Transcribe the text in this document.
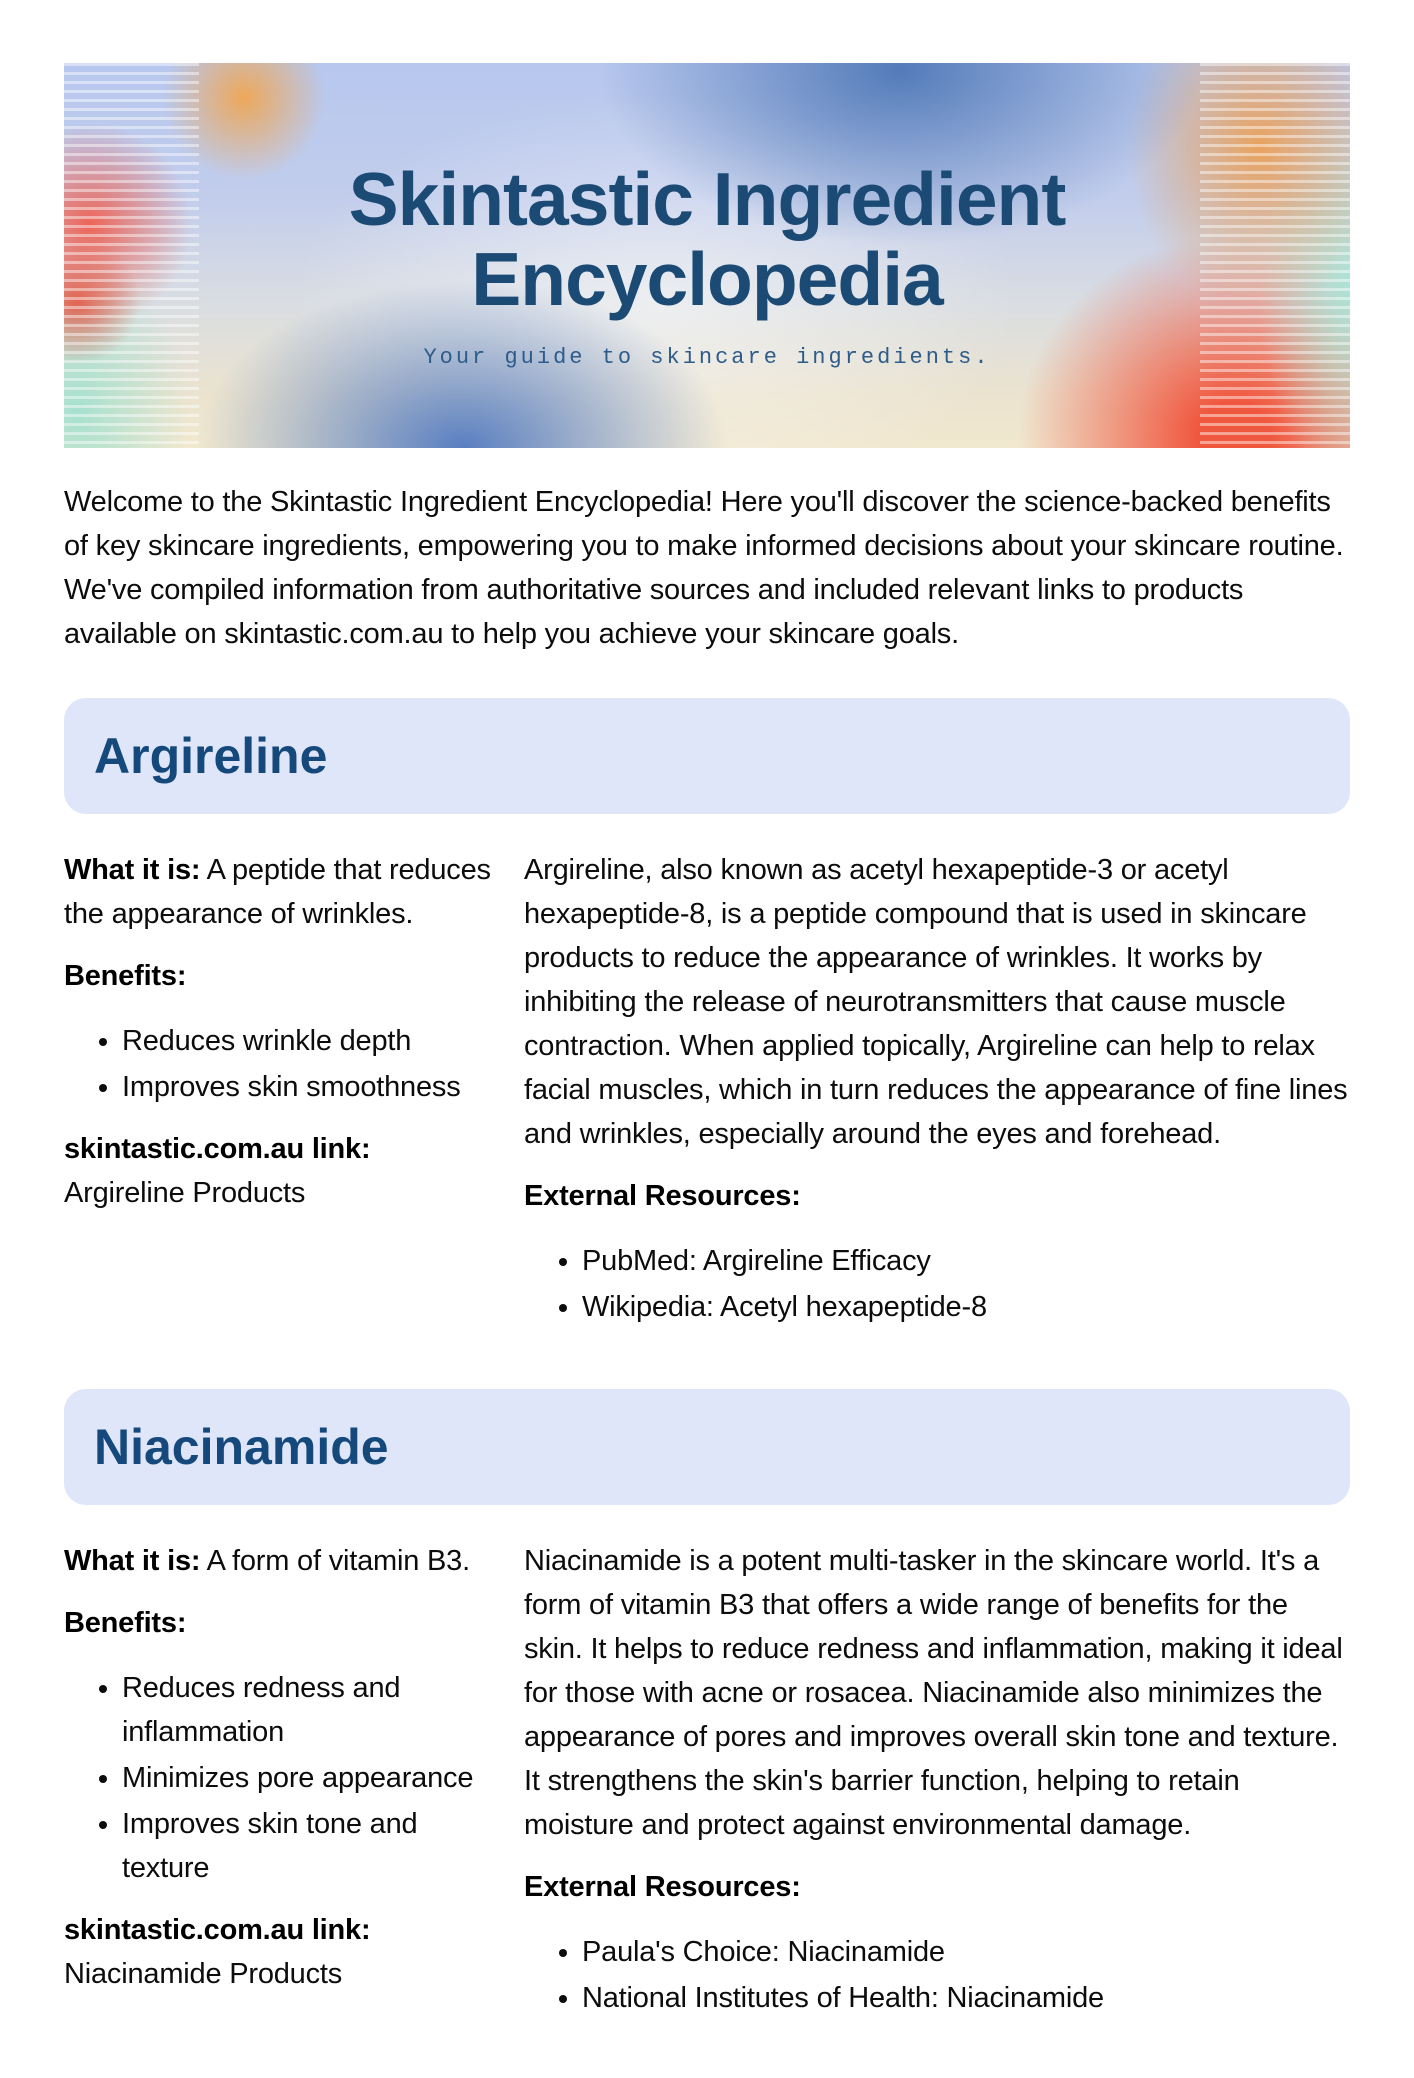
Skintastic Ingredient Encyclopedia
Your guide to skincare ingredients.

Welcome to the Skintastic Ingredient Encyclopedia! Here you'll discover the science-backed benefits of key skincare ingredients, empowering you to make informed decisions about your skincare routine. We've compiled information from authoritative sources and included relevant links to products available on skintastic.com.au to help you achieve your skincare goals.

Argireline

What it is: A peptide that reduces the appearance of wrinkles.

Benefits:

• Reduces wrinkle depth
• Improves skin smoothness

skintastic.com.au link:
Argireline Products

Argireline, also known as acetyl hexapeptide-3 or acetyl hexapeptide-8, is a peptide compound that is used in skincare products to reduce the appearance of wrinkles. It works by inhibiting the release of neurotransmitters that cause muscle contraction. When applied topically, Argireline can help to relax facial muscles, which in turn reduces the appearance of fine lines and wrinkles, especially around the eyes and forehead.

External Resources:

• PubMed: Argireline Efficacy
• Wikipedia: Acetyl hexapeptide-8
Niacinamide

What it is: A form of vitamin B3.

Benefits:

• Reduces redness and inflammation
• Minimizes pore appearance
• Improves skin tone and texture

skintastic.com.au link:
Niacinamide Products

Niacinamide is a potent multi-tasker in the skincare world. It's a form of vitamin B3 that offers a wide range of benefits for the skin. It helps to reduce redness and inflammation, making it ideal for those with acne or rosacea. Niacinamide also minimizes the appearance of pores and improves overall skin tone and texture. It strengthens the skin's barrier function, helping to retain moisture and protect against environmental damage.

External Resources:

• Paula's Choice: Niacinamide
• National Institutes of Health: Niacinamide
